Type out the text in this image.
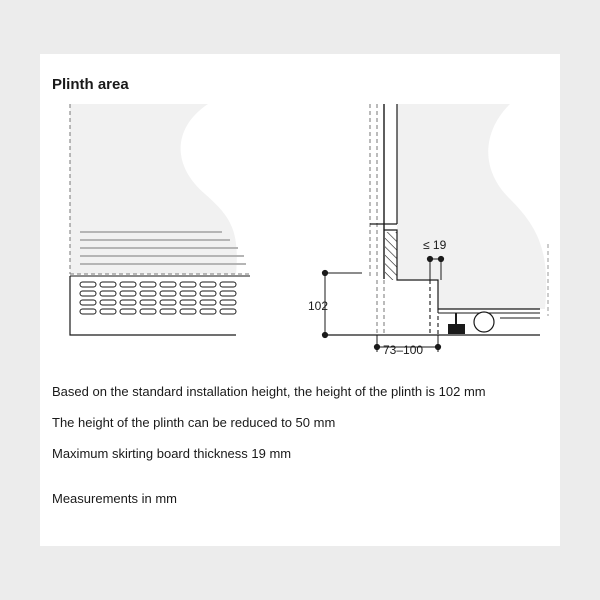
Plinth area
102
≤ 19
73–100

Based on the standard installation height, the height of the plinth is 102 mm

The height of the plinth can be reduced to 50 mm

Maximum skirting board thickness 19 mm

Measurements in mm
